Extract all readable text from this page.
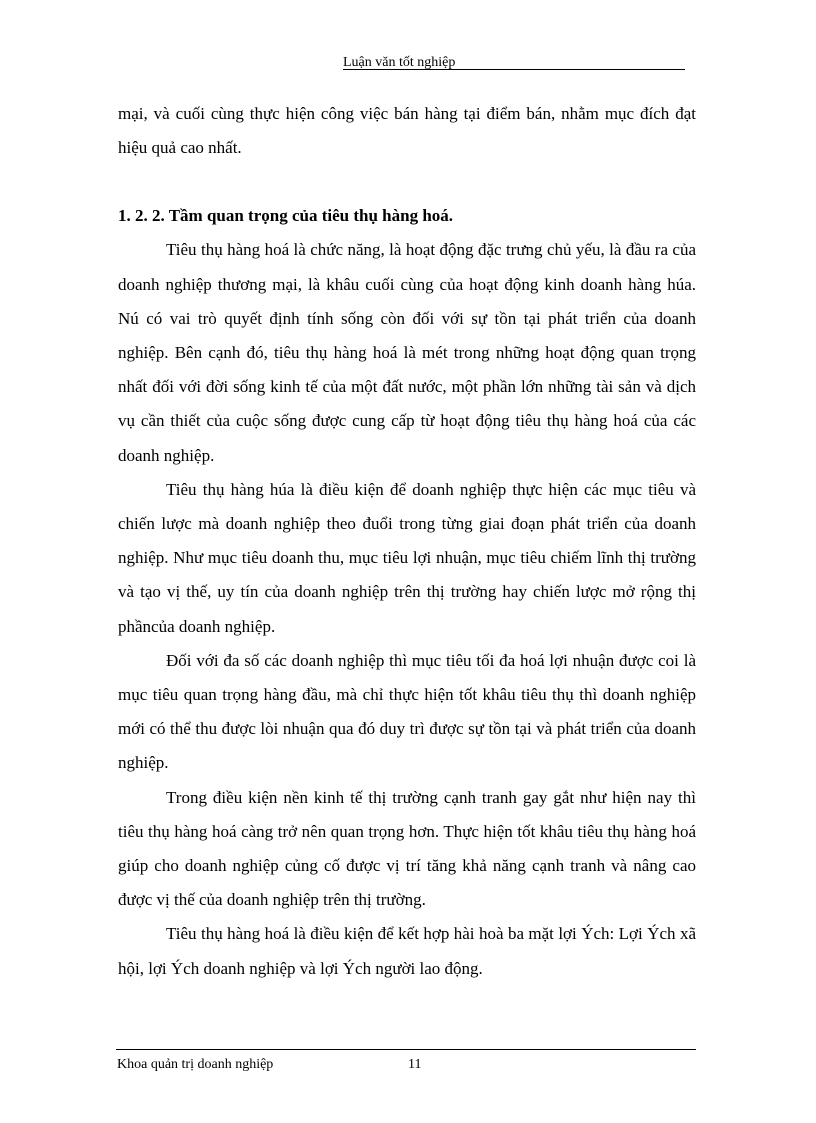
Luận văn tốt nghiệp

mại, và cuối cùng thực hiện công việc bán hàng tại điểm bán, nhằm mục đích đạt hiệu quả cao nhất.

1. 2. 2. Tầm quan trọng của tiêu thụ hàng hoá.

Tiêu thụ hàng hoá là chức năng, là hoạt động đặc trưng chủ yếu, là đầu ra của doanh nghiệp thương mại, là khâu cuối cùng của hoạt động kinh doanh hàng húa. Nú có vai trò quyết định tính sống còn đối với sự tồn tại phát triển của doanh nghiệp. Bên cạnh đó, tiêu thụ hàng hoá là mét trong những hoạt động quan trọng nhất đối với đời sống kinh tế của một đất nước, một phần lớn những tài sản và dịch vụ cần thiết của cuộc sống được cung cấp từ hoạt động tiêu thụ hàng hoá của các doanh nghiệp.

Tiêu thụ hàng húa là điều kiện để doanh nghiệp thực hiện các mục tiêu và chiến lược mà doanh nghiệp theo đuổi trong từng giai đoạn phát triển của doanh nghiệp. Như mục tiêu doanh thu, mục tiêu lợi nhuận, mục tiêu chiếm lĩnh thị trường và tạo vị thế, uy tín của doanh nghiệp trên thị trường hay chiến lược mở rộng thị phầncủa doanh nghiệp.

Đối với đa số các doanh nghiệp thì mục tiêu tối đa hoá lợi nhuận được coi là mục tiêu quan trọng hàng đầu, mà chỉ thực hiện tốt khâu tiêu thụ thì doanh nghiệp mới có thể thu được lòi nhuận qua đó duy trì được sự tồn tại và phát triển của doanh nghiệp.

Trong điều kiện nền kinh tế thị trường cạnh tranh gay gắt như hiện nay thì tiêu thụ hàng hoá càng trở nên quan trọng hơn. Thực hiện tốt khâu tiêu thụ hàng hoá giúp cho doanh nghiệp củng cố được vị trí tăng khả năng cạnh tranh và nâng cao được vị thế của doanh nghiệp trên thị trường.

Tiêu thụ hàng hoá là điều kiện để kết hợp hài hoà ba mặt lợi Ých: Lợi Ých xã hội, lợi Ých doanh nghiệp và lợi Ých người lao động.

Khoa quản trị doanh nghiệp	11
